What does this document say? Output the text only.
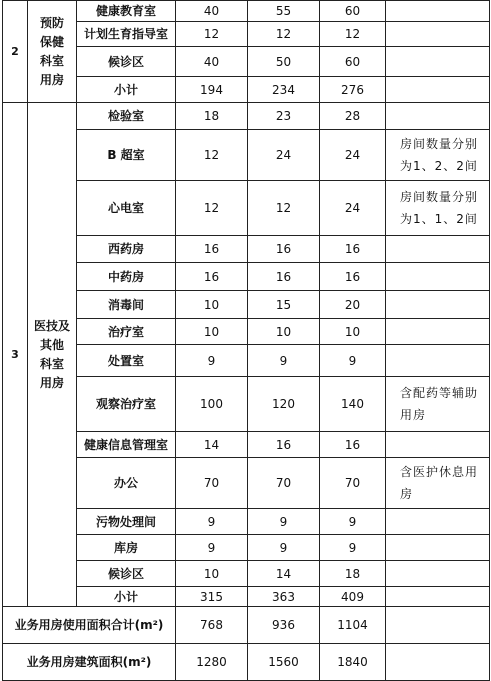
2	预防
保健
科室
用房	健康教育室	40	55	60	
		计划生育指导室	12	12	12	
		候诊区	40	50	60	
		小计	194	234	276	
3	医技及
其他
科室
用房	检验室	18	23	28	
		B 超室	12	24	24	房间数量分别为1、2、2间
		心电室	12	12	24	房间数量分别为1、1、2间
		西药房	16	16	16	
		中药房	16	16	16	
		消毒间	10	15	20	
		治疗室	10	10	10	
		处置室	9	9	9	
		观察治疗室	100	120	140	含配药等辅助用房
		健康信息管理室	14	16	16	
		办公	70	70	70	含医护休息用房
		污物处理间	9	9	9	
		库房	9	9	9	
		候诊区	10	14	18	
		小计	315	363	409	
业务用房使用面积合计(m²)			768	936	1104	
业务用房建筑面积(m²)			1280	1560	1840	
